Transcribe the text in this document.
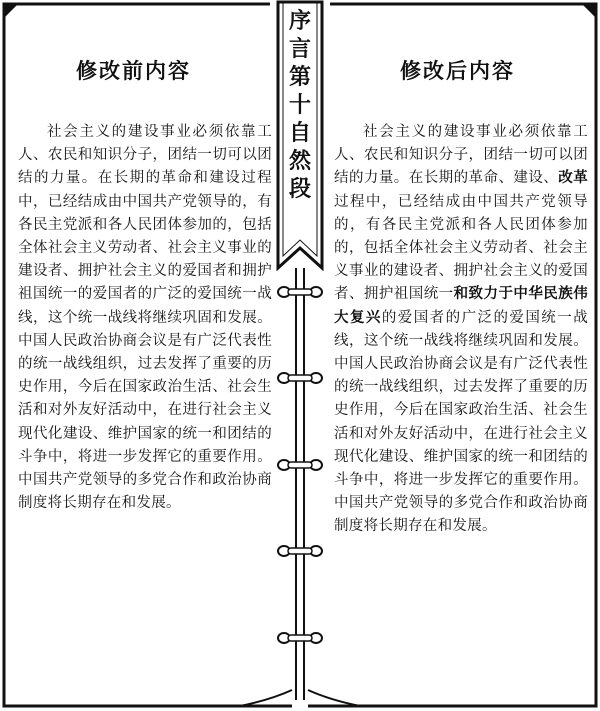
序言第十自然段
修改前内容

社会主义的建设事业必须依靠工人、农民和知识分子，团结一切可以团结的力量。在长期的革命和建设过程中，已经结成由中国共产党领导的，有各民主党派和各人民团体参加的，包括全体社会主义劳动者、社会主义事业的建设者、拥护社会主义的爱国者和拥护祖国统一的爱国者的广泛的爱国统一战线，这个统一战线将继续巩固和发展。中国人民政治协商会议是有广泛代表性的统一战线组织，过去发挥了重要的历史作用，今后在国家政治生活、社会生活和对外友好活动中，在进行社会主义现代化建设、维护国家的统一和团结的斗争中，将进一步发挥它的重要作用。中国共产党领导的多党合作和政治协商制度将长期存在和发展。

修改后内容

社会主义的建设事业必须依靠工人、农民和知识分子，团结一切可以团结的力量。在长期的革命、建设、改革过程中，已经结成由中国共产党领导的，有各民主党派和各人民团体参加的，包括全体社会主义劳动者、社会主义事业的建设者、拥护社会主义的爱国者、拥护祖国统一和致力于中华民族伟大复兴的爱国者的广泛的爱国统一战线，这个统一战线将继续巩固和发展。中国人民政治协商会议是有广泛代表性的统一战线组织，过去发挥了重要的历史作用，今后在国家政治生活、社会生活和对外友好活动中，在进行社会主义现代化建设、维护国家的统一和团结的斗争中，将进一步发挥它的重要作用。中国共产党领导的多党合作和政治协商制度将长期存在和发展。
